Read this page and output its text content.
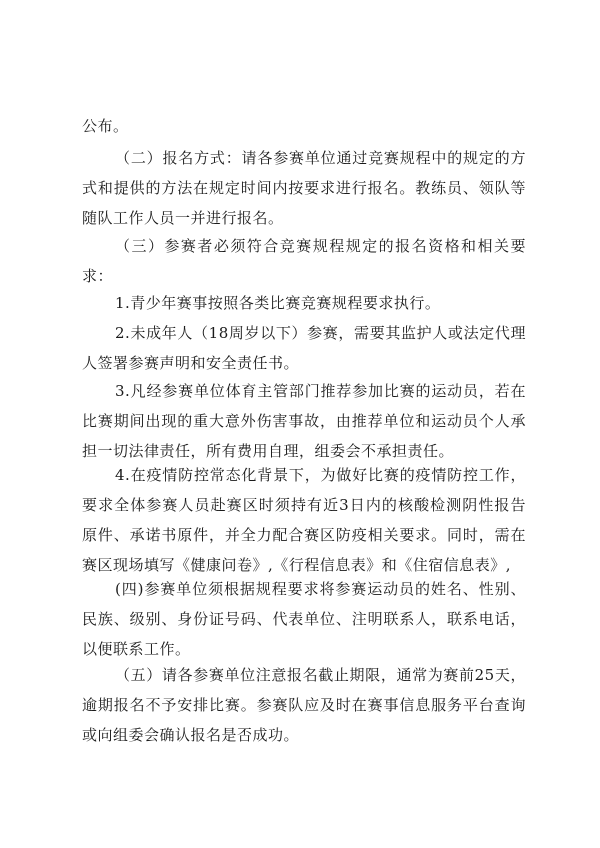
公布。

（二）报名方式：请各参赛单位通过竞赛规程中的规定的方式和提供的方法在规定时间内按要求进行报名。教练员、领队等随队工作人员一并进行报名。

（三）参赛者必须符合竞赛规程规定的报名资格和相关要求：

1.青少年赛事按照各类比赛竞赛规程要求执行。

2.未成年人（18周岁以下）参赛，需要其监护人或法定代理人签署参赛声明和安全责任书。

3.凡经参赛单位体育主管部门推荐参加比赛的运动员，若在比赛期间出现的重大意外伤害事故，由推荐单位和运动员个人承担一切法律责任，所有费用自理，组委会不承担责任。

4.在疫情防控常态化背景下，为做好比赛的疫情防控工作，要求全体参赛人员赴赛区时须持有近3日内的核酸检测阴性报告原件、承诺书原件，并全力配合赛区防疫相关要求。同时，需在赛区现场填写《健康问卷》,《行程信息表》和《住宿信息表》,

(四)参赛单位须根据规程要求将参赛运动员的姓名、性别、民族、级别、身份证号码、代表单位、注明联系人，联系电话，以便联系工作。

（五）请各参赛单位注意报名截止期限，通常为赛前25天，逾期报名不予安排比赛。参赛队应及时在赛事信息服务平台查询或向组委会确认报名是否成功。
